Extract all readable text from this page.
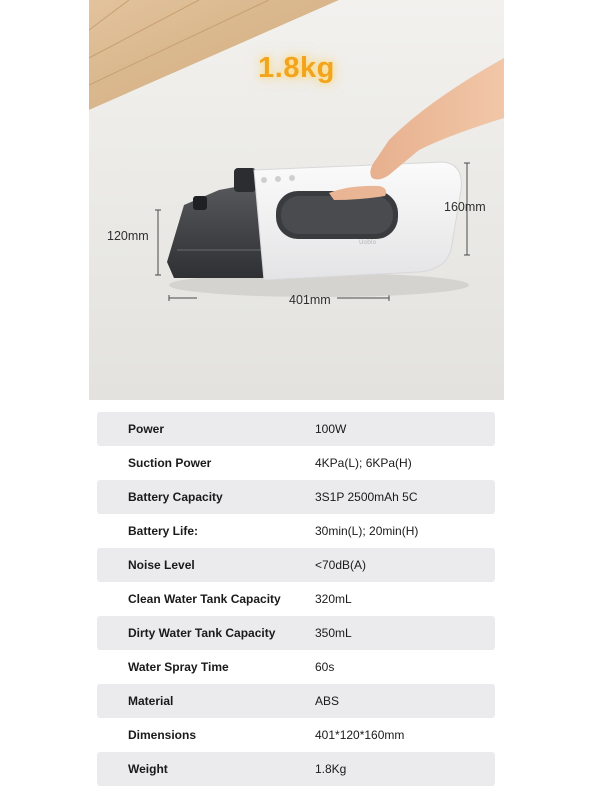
Uoblo
1.8kg
120mm
160mm
401mm
Power	100W
Suction Power	4KPa(L); 6KPa(H)
Battery Capacity	3S1P 2500mAh 5C
Battery Life:	30min(L); 20min(H)
Noise Level	<70dB(A)
Clean Water Tank Capacity	320mL
Dirty Water Tank Capacity	350mL
Water Spray Time	60s
Material	ABS
Dimensions	401*120*160mm
Weight	1.8Kg
